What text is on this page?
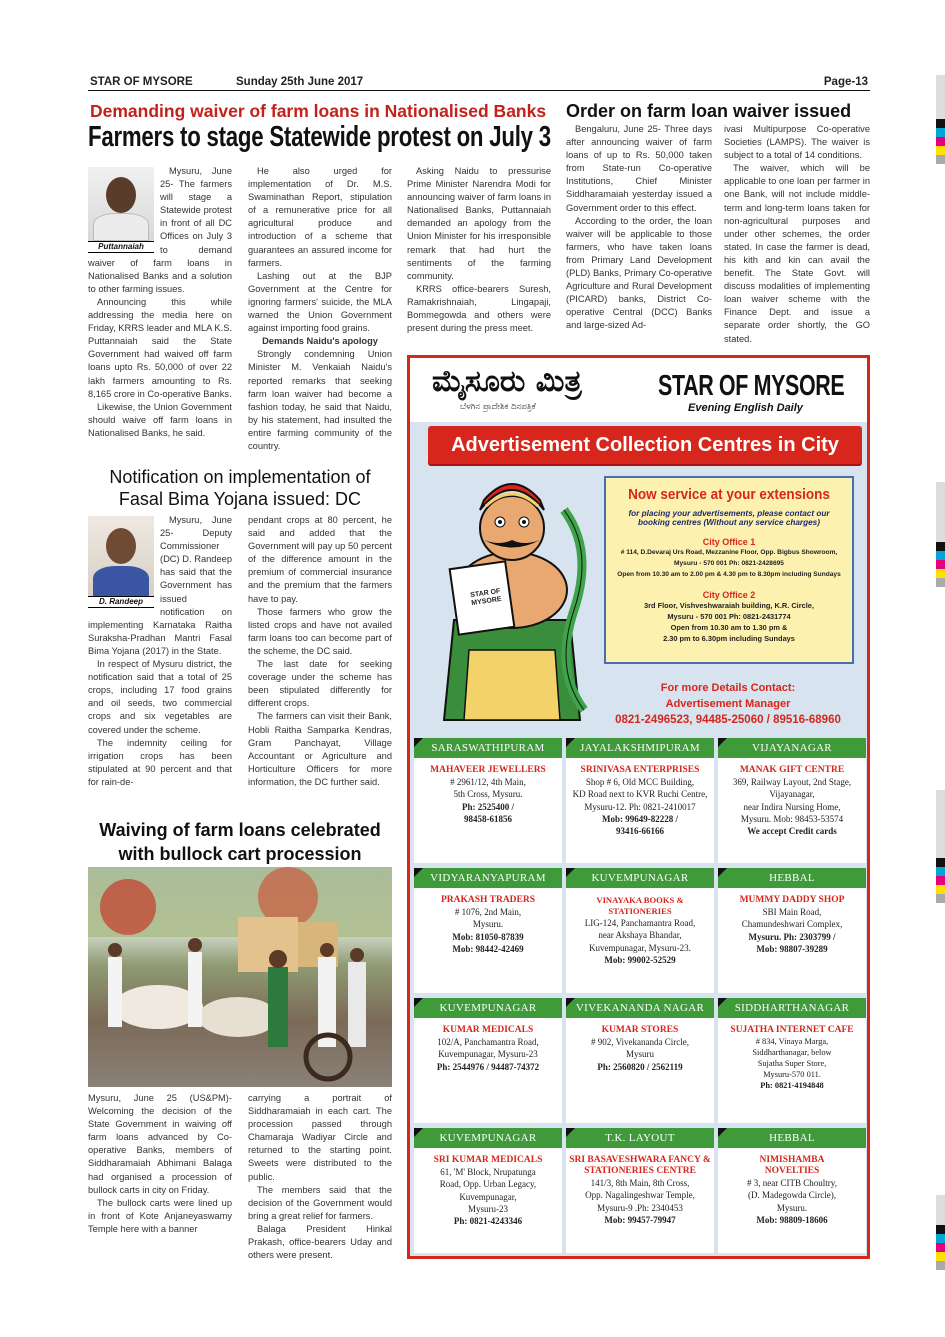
STAR OF MYSORE	Sunday 25th June 2017	Page-13
Demanding waiver of farm loans in Nationalised Banks
Farmers to stage Statewide protest on July 3
Puttannaiah

Mysuru, June 25- The farmers will stage a Statewide protest in front of all DC Offices on July 3 to demand waiver of farm loans in Nationalised Banks and a solution to other farming issues.

Announcing this while addressing the media here on Friday, KRRS leader and MLA K.S. Puttannaiah said the State Government had waived off farm loans upto Rs. 50,000 of over 22 lakh farmers amounting to Rs. 8,165 crore in Co-operative Banks.

Likewise, the Union Government should waive off farm loans in Nationalised Banks, he said.

He also urged for implementation of Dr. M.S. Swaminathan Report, stipulation of a remunerative price for all agricultural produce and introduction of a scheme that guarantees an assured income for farmers.

Lashing out at the BJP Government at the Centre for ignoring farmers' suicide, the MLA warned the Union Government against importing food grains.

Demands Naidu's apology

Strongly condemning Union Minister M. Venkaiah Naidu's reported remarks that seeking farm loan waiver had become a fashion today, he said that Naidu, by his statement, had insulted the entire farming community of the country.

Asking Naidu to pressurise Prime Minister Narendra Modi for announcing waiver of farm loans in Nationalised Banks, Puttannaiah demanded an apology from the Union Minister for his irresponsible remark that had hurt the sentiments of the farming community.

KRRS office-bearers Suresh, Ramakrishnaiah, Lingapaji, Bommegowda and others were present during the press meet.

Order on farm loan waiver issued

Bengaluru, June 25- Three days after announcing waiver of farm loans of up to Rs. 50,000 taken from State-run Co-operative Institutions, Chief Minister Siddharamaiah yesterday issued a Government order to this effect.

According to the order, the loan waiver will be applicable to those farmers, who have taken loans from Primary Land Development (PLD) Banks, Primary Co-operative Agriculture and Rural Development (PICARD) banks, District Co-operative Central (DCC) Banks and large-sized Ad-

ivasi Multipurpose Co-operative Societies (LAMPS). The waiver is subject to a total of 14 conditions.

The waiver, which will be applicable to one loan per farmer in one Bank, will not include middle-term and long-term loans taken for non-agricultural purposes and under other schemes, the order stated. In case the farmer is dead, his kith and kin can avail the benefit. The State Govt. will discuss modalities of implementing loan waiver scheme with the Finance Dept. and issue a separate order shortly, the GO stated.

Notification on implementation of
Fasal Bima Yojana issued: DC
D. Randeep

Mysuru, June 25- Deputy Commissioner (DC) D. Randeep has said that the Government has issued notification on implementing Karnataka Raitha Suraksha-Pradhan Mantri Fasal Bima Yojana (2017) in the State.

In respect of Mysuru district, the notification said that a total of 25 crops, including 17 food grains and oil seeds, two commercial crops and six vegetables are covered under the scheme.

The indemnity ceiling for irrigation crops has been stipulated at 90 percent and that for rain-de-

pendant crops at 80 percent, he said and added that the Government will pay up 50 percent of the difference amount in the premium of commercial insurance and the premium that the farmers have to pay.

Those farmers who grow the listed crops and have not availed farm loans too can become part of the scheme, the DC said.

The last date for seeking coverage under the scheme has been stipulated differently for different crops.

The farmers can visit their Bank, Hobli Raitha Samparka Kendras, Gram Panchayat, Village Accountant or Agriculture and Horticulture Officers for more information, the DC further said.

Waiving of farm loans celebrated
with bullock cart procession

Mysuru, June 25 (US&PM)- Welcoming the decision of the State Government in waiving off farm loans advanced by Co-operative Banks, members of Siddharamaiah Abhimani Balaga had organised a procession of bullock carts in city on Friday.

The bullock carts were lined up in front of Kote Anjaneyaswamy Temple here with a banner

carrying a portrait of Siddharamaiah in each cart. The procession passed through Chamaraja Wadiyar Circle and returned to the starting point. Sweets were distributed to the public.

The members said that the decision of the Government would bring a great relief for farmers.

Balaga President Hinkal Prakash, office-bearers Uday and others were present.

ಮೈಸೂರು ಮಿತ್ರ
ಬೆಳಗಿನ ಪ್ರಾದೇಶಿಕ ದಿನಪತ್ರಿಕೆ
STAR OF MYSORE
Evening English Daily
Advertisement Collection Centres in City
STAR OF MYSORE
Now service at your extensions
for placing your advertisements, please contact our
booking centres (Without any service charges)
City Office 1
# 114, D.Devaraj Urs Road, Mezzanine Floor, Opp. Bigbus Showroom,
Mysuru - 570 001 Ph: 0821-2428695
Open from 10.30 am to 2.00 pm & 4.30 pm to 8.30pm including Sundays
City Office 2
3rd Floor, Vishveshwaraiah building, K.R. Circle,
Mysuru - 570 001 Ph: 0821-2431774
Open from 10.30 am to 1.30 pm &
2.30 pm to 6.30pm including Sundays
For more Details Contact:
Advertisement Manager
0821-2496523, 94485-25060 / 89516-68960
SARASWATHIPURAM
MAHAVEER JEWELLERS
# 2961/12, 4th Main,
5th Cross, Mysuru.
Ph: 2525400 /
98458-61856
JAYALAKSHMIPURAM
SRINIVASA ENTERPRISES
Shop # 6, Old MCC Building,
KD Road next to KVR Ruchi Centre,
Mysuru-12. Ph: 0821-2410017
Mob: 99649-82228 /
93416-66166
VIJAYANAGAR
MANAK GIFT CENTRE
369, Railway Layout, 2nd Stage,
Vijayanagar,
near Indira Nursing Home,
Mysuru. Mob: 98453-53574
We accept Credit cards
VIDYARANYAPURAM
PRAKASH TRADERS
# 1076, 2nd Main,
Mysuru.
Mob: 81050-87839
Mob: 98442-42469
KUVEMPUNAGAR
VINAYAKA BOOKS & STATIONERIES
LIG-124, Panchamantra Road,
near Akshaya Bhandar,
Kuvempunagar, Mysuru-23.
Mob: 99002-52529
HEBBAL
MUMMY DADDY SHOP
SBI Main Road,
Chamundeshwari Complex,
Mysuru. Ph: 2303799 /
Mob: 98807-39289
KUVEMPUNAGAR
KUMAR MEDICALS
102/A, Panchamantra Road,
Kuvempunagar, Mysuru-23
Ph: 2544976 / 94487-74372
VIVEKANANDA NAGAR
KUMAR STORES
# 902, Vivekananda Circle,
Mysuru
Ph: 2560820 / 2562119
SIDDHARTHANAGAR
SUJATHA INTERNET CAFE
# 834, Vinaya Marga,
Siddharthanagar, below
Sujatha Super Store,
Mysuru-570 011.
Ph: 0821-4194848
KUVEMPUNAGAR
SRI KUMAR MEDICALS
61, 'M' Block, Nrupatunga
Road, Opp. Urban Legacy,
Kuvempunagar,
Mysuru-23
Ph: 0821-4243346
T.K. LAYOUT
SRI BASAVESHWARA FANCY & STATIONERIES CENTRE
141/3, 8th Main, 8th Cross,
Opp. Nagalingeshwar Temple,
Mysuru-9 .Ph: 2340453
Mob: 99457-79947
HEBBAL
NIMISHAMBA NOVELTIES
# 3, near CITB Choultry,
(D. Madegowda Circle),
Mysuru.
Mob: 98809-18606
